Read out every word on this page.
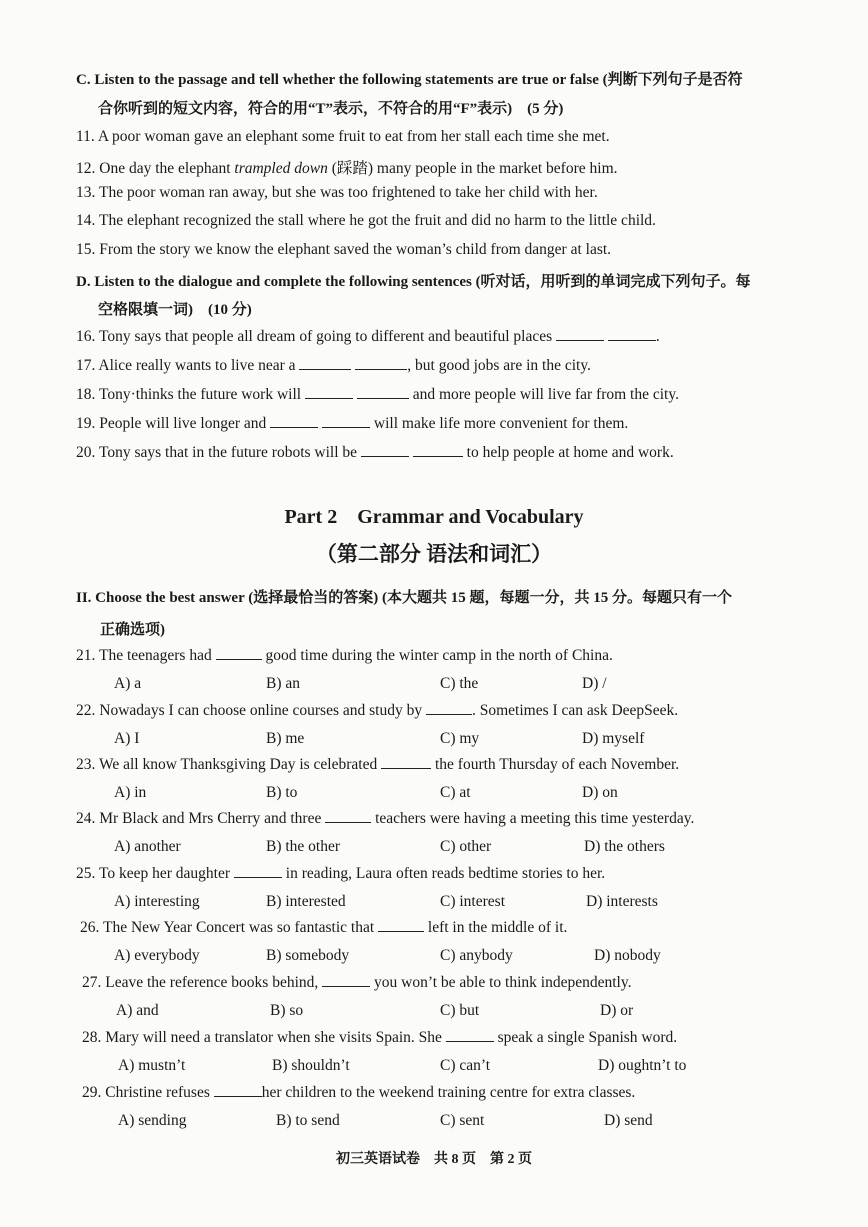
C. Listen to the passage and tell whether the following statements are true or false (判断下列句子是否符
合你听到的短文内容，符合的用“T”表示，不符合的用“F”表示)　(5 分)
11. A poor woman gave an elephant some fruit to eat from her stall each time she met.
12. One day the elephant trampled down (踩踏) many people in the market before him.
13. The poor woman ran away, but she was too frightened to take her child with her.
14. The elephant recognized the stall where he got the fruit and did no harm to the little child.
15. From the story we know the elephant saved the woman’s child from danger at last.
D. Listen to the dialogue and complete the following sentences (听对话，用听到的单词完成下列句子。每
空格限填一词)　(10 分)
16. Tony says that people all dream of going to different and beautiful places	.
17. Alice really wants to live near a	, but good jobs are in the city.
18. Tony·thinks the future work will	and more people will live far from the city.
19. People will live longer and	will make life more convenient for them.
20. Tony says that in the future robots will be	to help people at home and work.
Part 2　Grammar and Vocabulary
（第二部分 语法和词汇）
II. Choose the best answer (选择最恰当的答案) (本大题共 15 题，每题一分，共 15 分。每题只有一个
正确选项)
21. The teenagers had	good time during the winter camp in the north of China.
A) a	B) an	C) the	D) /
22. Nowadays I can choose online courses and study by	. Sometimes I can ask DeepSeek.
A) I	B) me	C) my	D) myself
23. We all know Thanksgiving Day is celebrated	the fourth Thursday of each November.
A) in	B) to	C) at	D) on
24. Mr Black and Mrs Cherry and three	teachers were having a meeting this time yesterday.
A) another	B) the other	C) other	D) the others
25. To keep her daughter	in reading, Laura often reads bedtime stories to her.
A) interesting	B) interested	C) interest	D) interests
26. The New Year Concert was so fantastic that	left in the middle of it.
A) everybody	B) somebody	C) anybody	D) nobody
27. Leave the reference books behind,	you won’t be able to think independently.
A) and	B) so	C) but	D) or
28. Mary will need a translator when she visits Spain. She	speak a single Spanish word.
A) mustn’t	B) shouldn’t	C) can’t	D) oughtn’t to
29. Christine refuses	her children to the weekend training centre for extra classes.
A) sending	B) to send	C) sent	D) send
初三英语试卷　共 8 页　第 2 页
